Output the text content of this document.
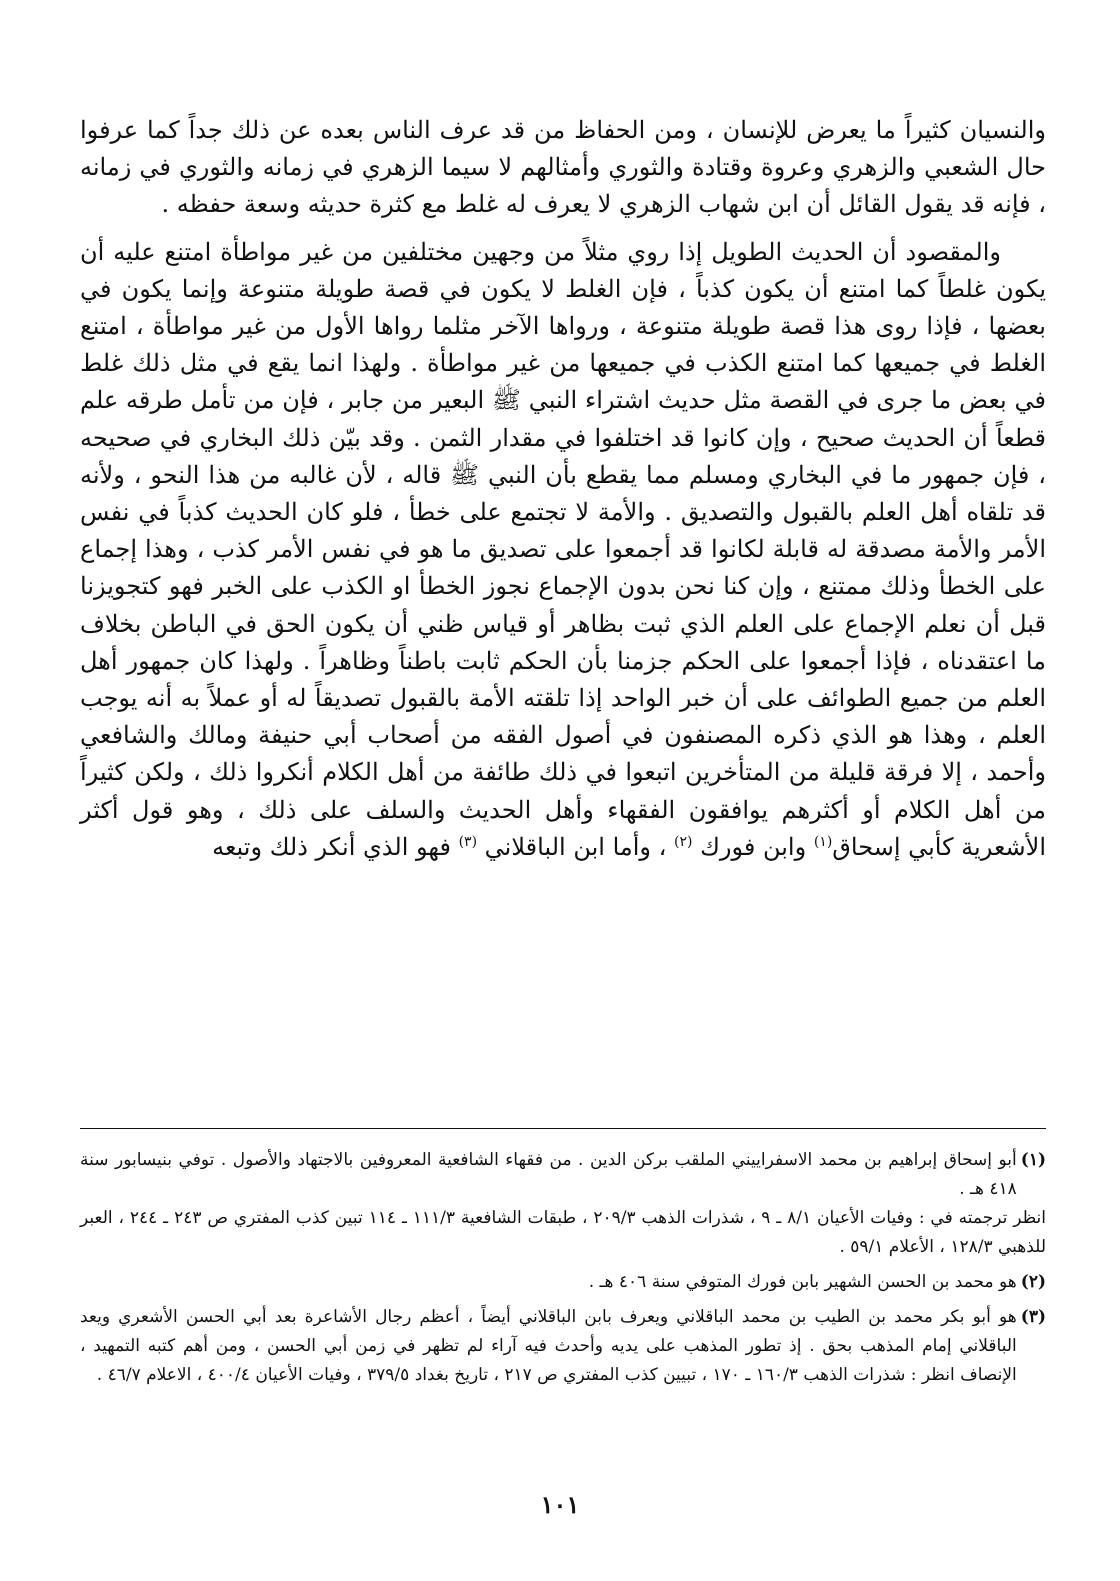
والنسيان كثيراً ما يعرض للإنسان ، ومن الحفاظ من قد عرف الناس بعده عن ذلك جداً كما عرفوا حال الشعبي والزهري وعروة وقتادة والثوري وأمثالهم لا سيما الزهري في زمانه والثوري في زمانه ، فإنه قد يقول القائل أن ابن شهاب الزهري لا يعرف له غلط مع كثرة حديثه وسعة حفظه .

والمقصود أن الحديث الطويل إذا روي مثلاً من وجهين مختلفين من غير مواطأة امتنع عليه أن يكون غلطاً كما امتنع أن يكون كذباً ، فإن الغلط لا يكون في قصة طويلة متنوعة وإنما يكون في بعضها ، فإذا روى هذا قصة طويلة متنوعة ، ورواها الآخر مثلما رواها الأول من غير مواطأة ، امتنع الغلط في جميعها كما امتنع الكذب في جميعها من غير مواطأة . ولهذا انما يقع في مثل ذلك غلط في بعض ما جرى في القصة مثل حديث اشتراء النبي ﷺ البعير من جابر ، فإن من تأمل طرقه علم قطعاً أن الحديث صحيح ، وإن كانوا قد اختلفوا في مقدار الثمن . وقد بيّن ذلك البخاري في صحيحه ، فإن جمهور ما في البخاري ومسلم مما يقطع بأن النبي ﷺ قاله ، لأن غالبه من هذا النحو ، ولأنه قد تلقاه أهل العلم بالقبول والتصديق . والأمة لا تجتمع على خطأ ، فلو كان الحديث كذباً في نفس الأمر والأمة مصدقة له قابلة لكانوا قد أجمعوا على تصديق ما هو في نفس الأمر كذب ، وهذا إجماع على الخطأ وذلك ممتنع ، وإن كنا نحن بدون الإجماع نجوز الخطأ او الكذب على الخبر فهو كتجويزنا قبل أن نعلم الإجماع على العلم الذي ثبت بظاهر أو قياس ظني أن يكون الحق في الباطن بخلاف ما اعتقدناه ، فإذا أجمعوا على الحكم جزمنا بأن الحكم ثابت باطناً وظاهراً . ولهذا كان جمهور أهل العلم من جميع الطوائف على أن خبر الواحد إذا تلقته الأمة بالقبول تصديقاً له أو عملاً به أنه يوجب العلم ، وهذا هو الذي ذكره المصنفون في أصول الفقه من أصحاب أبي حنيفة ومالك والشافعي وأحمد ، إلا فرقة قليلة من المتأخرين اتبعوا في ذلك طائفة من أهل الكلام أنكروا ذلك ، ولكن كثيراً من أهل الكلام أو أكثرهم يوافقون الفقهاء وأهل الحديث والسلف على ذلك ، وهو قول أكثر الأشعرية كأبي إسحاق$^{(١)}$ وابن فورك $^{(٢)}$ ، وأما ابن الباقلاني $^{(٣)}$ فهو الذي أنكر ذلك وتبعه

(١)
أبو إسحاق إبراهيم بن محمد الاسفراييني الملقب بركن الدين . من فقهاء الشافعية المعروفين بالاجتهاد والأصول . توفي بنيسابور سنة ٤١٨ هـ .

انظر ترجمته في : وفيات الأعيان ٨/١ ـ ٩ ، شذرات الذهب ٢٠٩/٣ ، طبقات الشافعية ١١١/٣ ـ ١١٤ تبين كذب المفتري ص ٢٤٣ ـ ٢٤٤ ، العبر للذهبي ١٢٨/٣ ، الأعلام ٥٩/١ .

(٢)
هو محمد بن الحسن الشهير بابن فورك المتوفي سنة ٤٠٦ هـ .
(٣)
هو أبو بكر محمد بن الطيب بن محمد الباقلاني ويعرف بابن الباقلاني أيضاً ، أعظم رجال الأشاعرة بعد أبي الحسن الأشعري ويعد الباقلاني إمام المذهب بحق . إذ تطور المذهب على يديه وأحدث فيه آراء لم تظهر في زمن أبي الحسن ، ومن أهم كتبه التمهيد ، الإنصاف انظر : شذرات الذهب ١٦٠/٣ ـ ١٧٠ ، تبيين كذب المفتري ص ٢١٧ ، تاريخ بغداد ٣٧٩/٥ ، وفيات الأعيان ٤٠٠/٤ ، الاعلام ٤٦/٧ .
١٠١
